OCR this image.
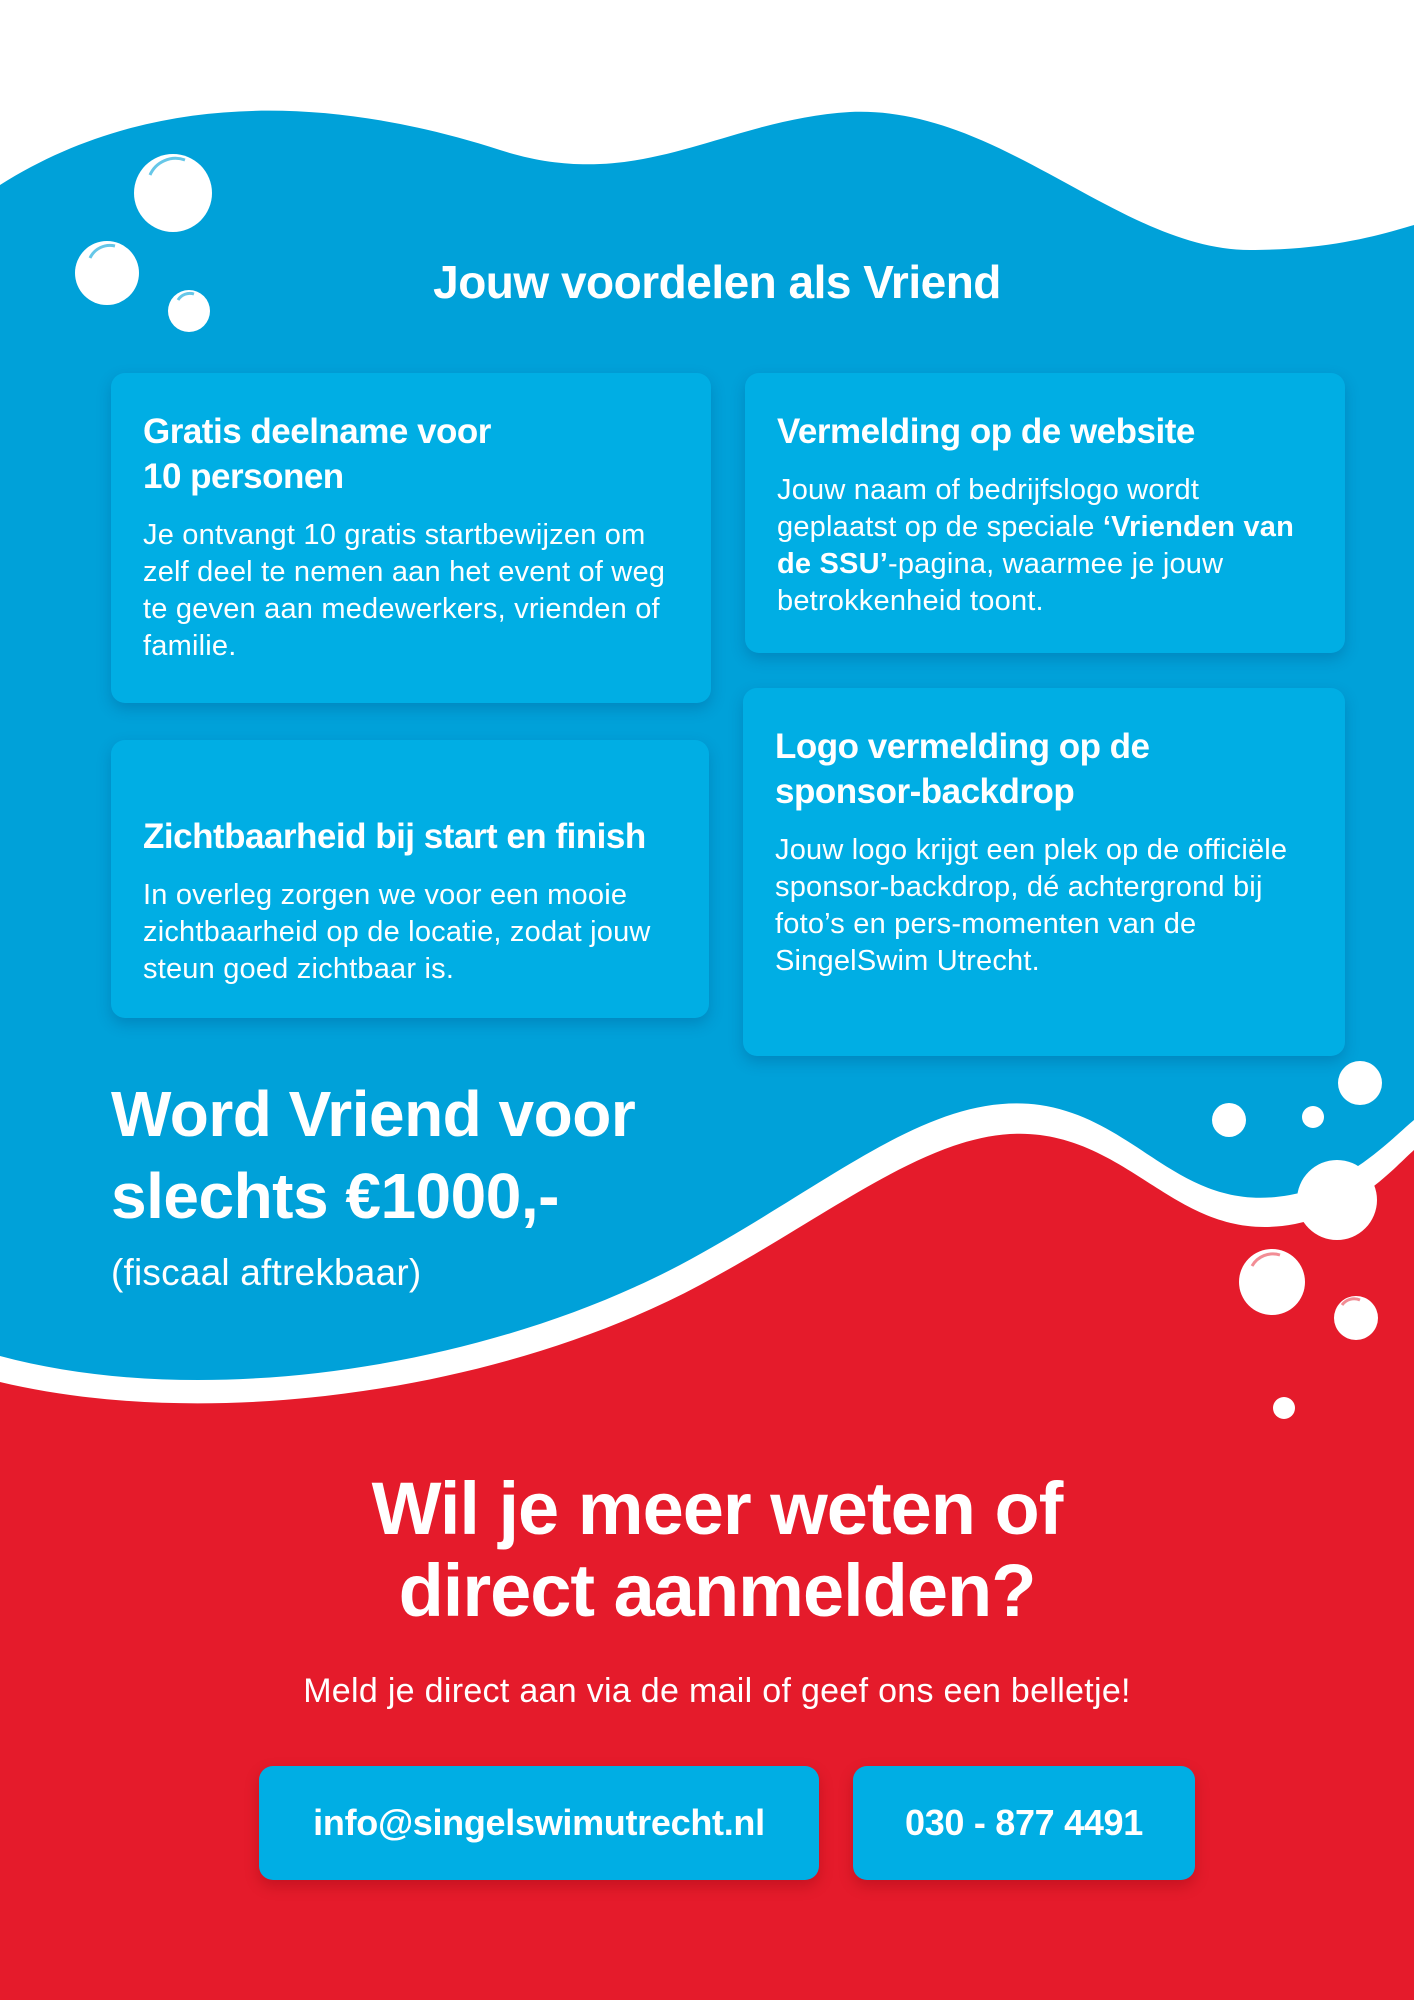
Jouw voordelen als Vriend
Gratis deelname voor
10 personen

Je ontvangt 10 gratis startbewijzen om zelf deel te nemen aan het event of weg te geven aan medewerkers, vrienden of familie.

Vermelding op de website

Jouw naam of bedrijfslogo wordt geplaatst op de speciale ‘Vrienden van de SSU’-pagina, waarmee je jouw betrokkenheid toont.

Zichtbaarheid bij start en finish

In overleg zorgen we voor een mooie zichtbaarheid op de locatie, zodat jouw steun goed zichtbaar is.

Logo vermelding op de
sponsor-backdrop

Jouw logo krijgt een plek op de officiële sponsor-backdrop, dé achtergrond bij foto’s en pers-momenten van de SingelSwim Utrecht.

Word Vriend voor
slechts €1000,-
(fiscaal aftrekbaar)
Wil je meer weten of
direct aanmelden?
Meld je direct aan via de mail of geef ons een belletje!
info@singelswimutrecht.nl	030 - 877 4491
